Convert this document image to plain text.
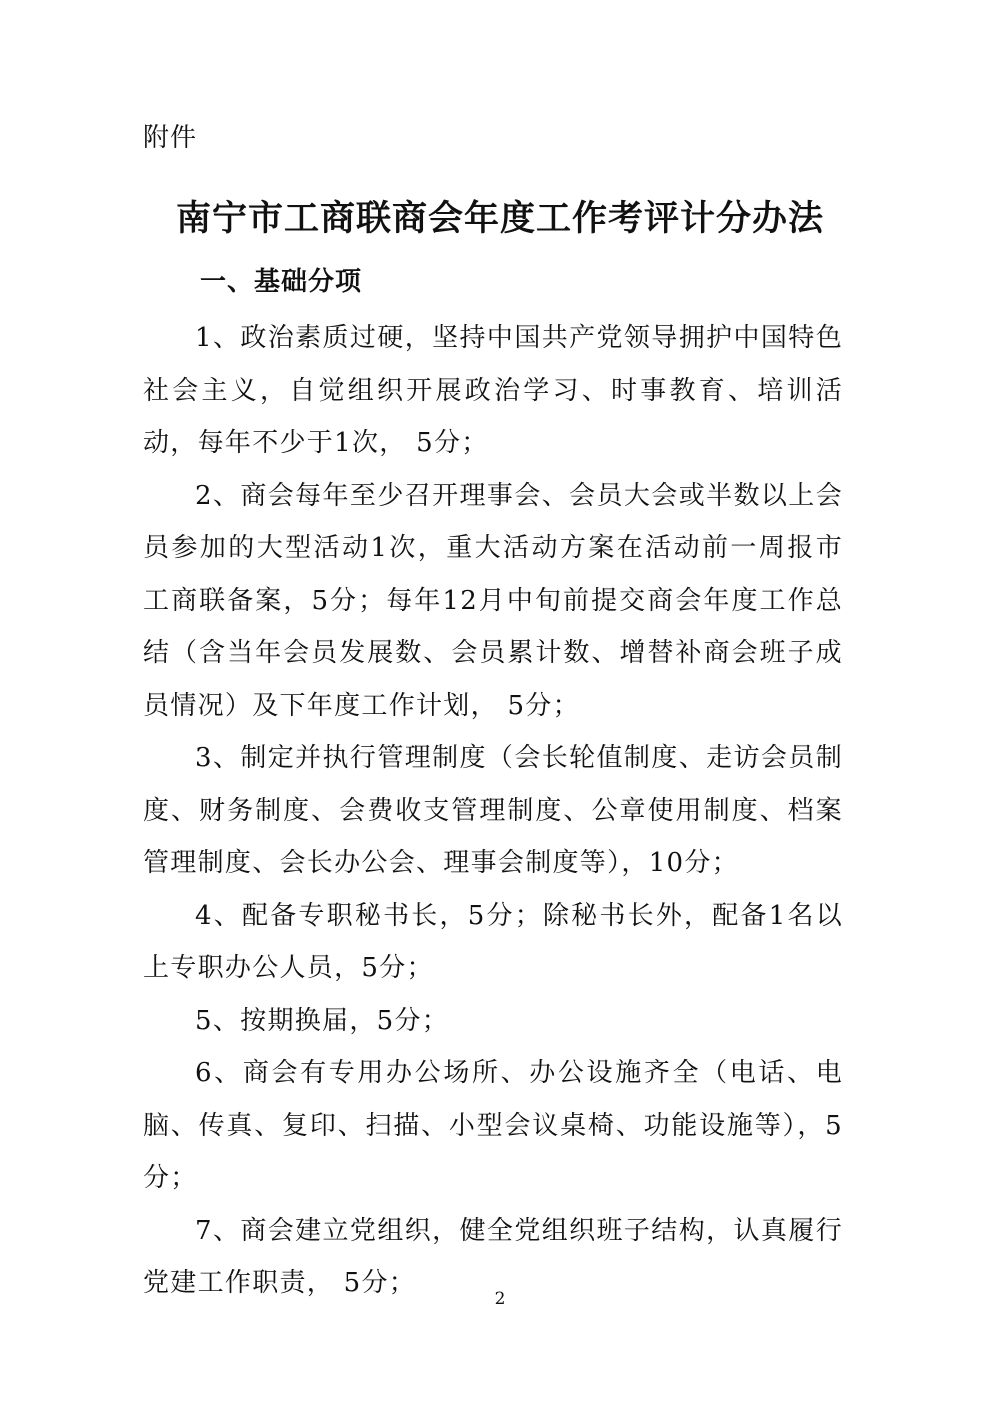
附件
南宁市工商联商会年度工作考评计分办法
一、基础分项

1、政治素质过硬，坚持中国共产党领导拥护中国特色社会主义，自觉组织开展政治学习、时事教育、培训活动，每年不少于1次， 5分；

2、商会每年至少召开理事会、会员大会或半数以上会员参加的大型活动1次，重大活动方案在活动前一周报市工商联备案，5分；每年12月中旬前提交商会年度工作总结（含当年会员发展数、会员累计数、增替补商会班子成员情况）及下年度工作计划， 5分；

3、制定并执行管理制度（会长轮值制度、走访会员制度、财务制度、会费收支管理制度、公章使用制度、档案管理制度、会长办公会、理事会制度等），10分；

4、配备专职秘书长，5分；除秘书长外，配备1名以上专职办公人员，5分；

5、按期换届，5分；

6、商会有专用办公场所、办公设施齐全（电话、电脑、传真、复印、扫描、小型会议桌椅、功能设施等），5分；

7、商会建立党组织，健全党组织班子结构，认真履行党建工作职责， 5分；

2
